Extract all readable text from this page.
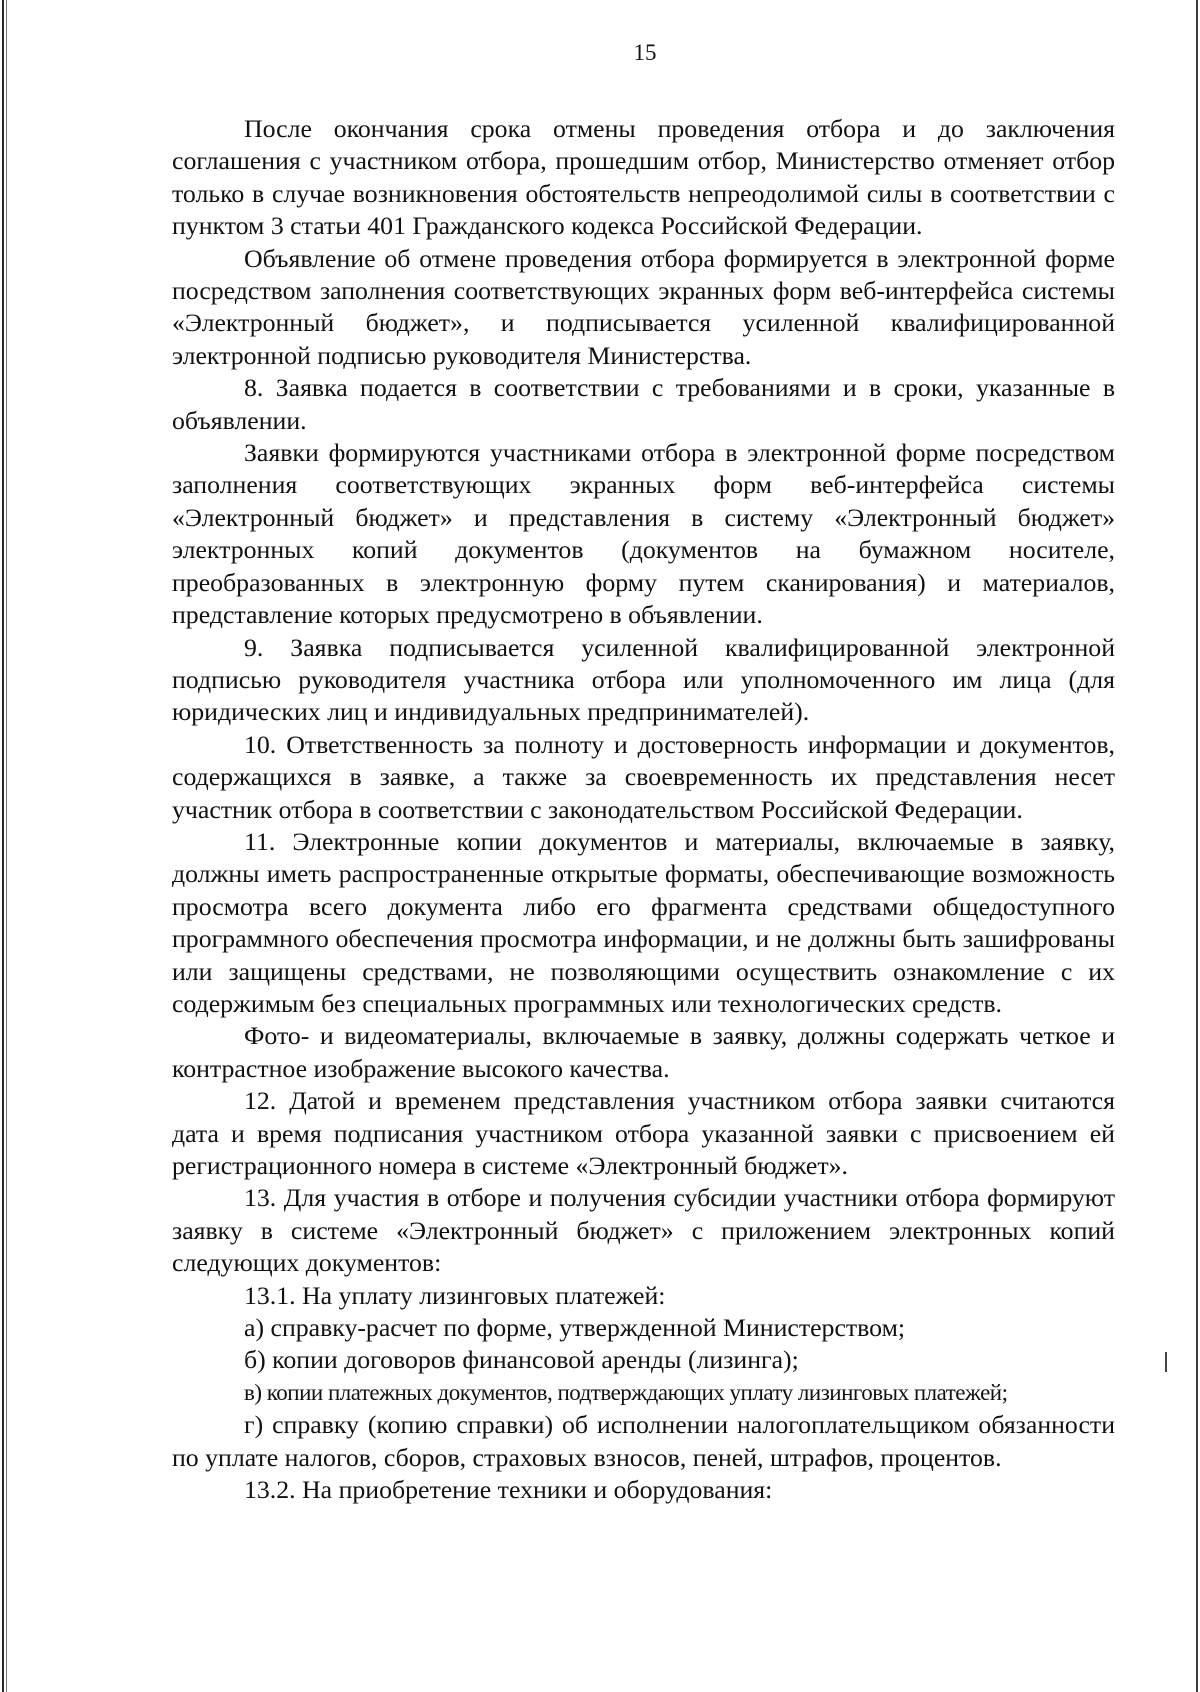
15

После окончания срока отмены проведения отбора и до заключения соглашения с участником отбора, прошедшим отбор, Министерство отменяет отбор только в случае возникновения обстоятельств непреодолимой силы в соответствии с пунктом 3 статьи 401 Гражданского кодекса Российской Федерации.

Объявление об отмене проведения отбора формируется в электронной форме посредством заполнения соответствующих экранных форм веб-интерфейса системы «Электронный бюджет», и подписывается усиленной квалифицированной электронной подписью руководителя Министерства.

8. Заявка подается в соответствии с требованиями и в сроки, указанные в объявлении.

Заявки формируются участниками отбора в электронной форме посредством заполнения соответствующих экранных форм веб-интерфейса системы «Электронный бюджет» и представления в систему «Электронный бюджет» электронных копий документов (документов на бумажном носителе, преобразованных в электронную форму путем сканирования) и материалов, представление которых предусмотрено в объявлении.

9. Заявка подписывается усиленной квалифицированной электронной подписью руководителя участника отбора или уполномоченного им лица (для юридических лиц и индивидуальных предпринимателей).

10. Ответственность за полноту и достоверность информации и документов, содержащихся в заявке, а также за своевременность их представления несет участник отбора в соответствии с законодательством Российской Федерации.

11. Электронные копии документов и материалы, включаемые в заявку, должны иметь распространенные открытые форматы, обеспечивающие возможность просмотра всего документа либо его фрагмента средствами общедоступного программного обеспечения просмотра информации, и не должны быть зашифрованы или защищены средствами, не позволяющими осуществить ознакомление с их содержимым без специальных программных или технологических средств.

Фото- и видеоматериалы, включаемые в заявку, должны содержать четкое и контрастное изображение высокого качества.

12. Датой и временем представления участником отбора заявки считаются дата и время подписания участником отбора указанной заявки с присвоением ей регистрационного номера в системе «Электронный бюджет».

13. Для участия в отборе и получения субсидии участники отбора формируют заявку в системе «Электронный бюджет» с приложением электронных копий следующих документов:

13.1. На уплату лизинговых платежей:

а) справку-расчет по форме, утвержденной Министерством;

б) копии договоров финансовой аренды (лизинга);

в) копии платежных документов, подтверждающих уплату лизинговых платежей;

г) справку (копию справки) об исполнении налогоплательщиком обязанности по уплате налогов, сборов, страховых взносов, пеней, штрафов, процентов.

13.2. На приобретение техники и оборудования:
